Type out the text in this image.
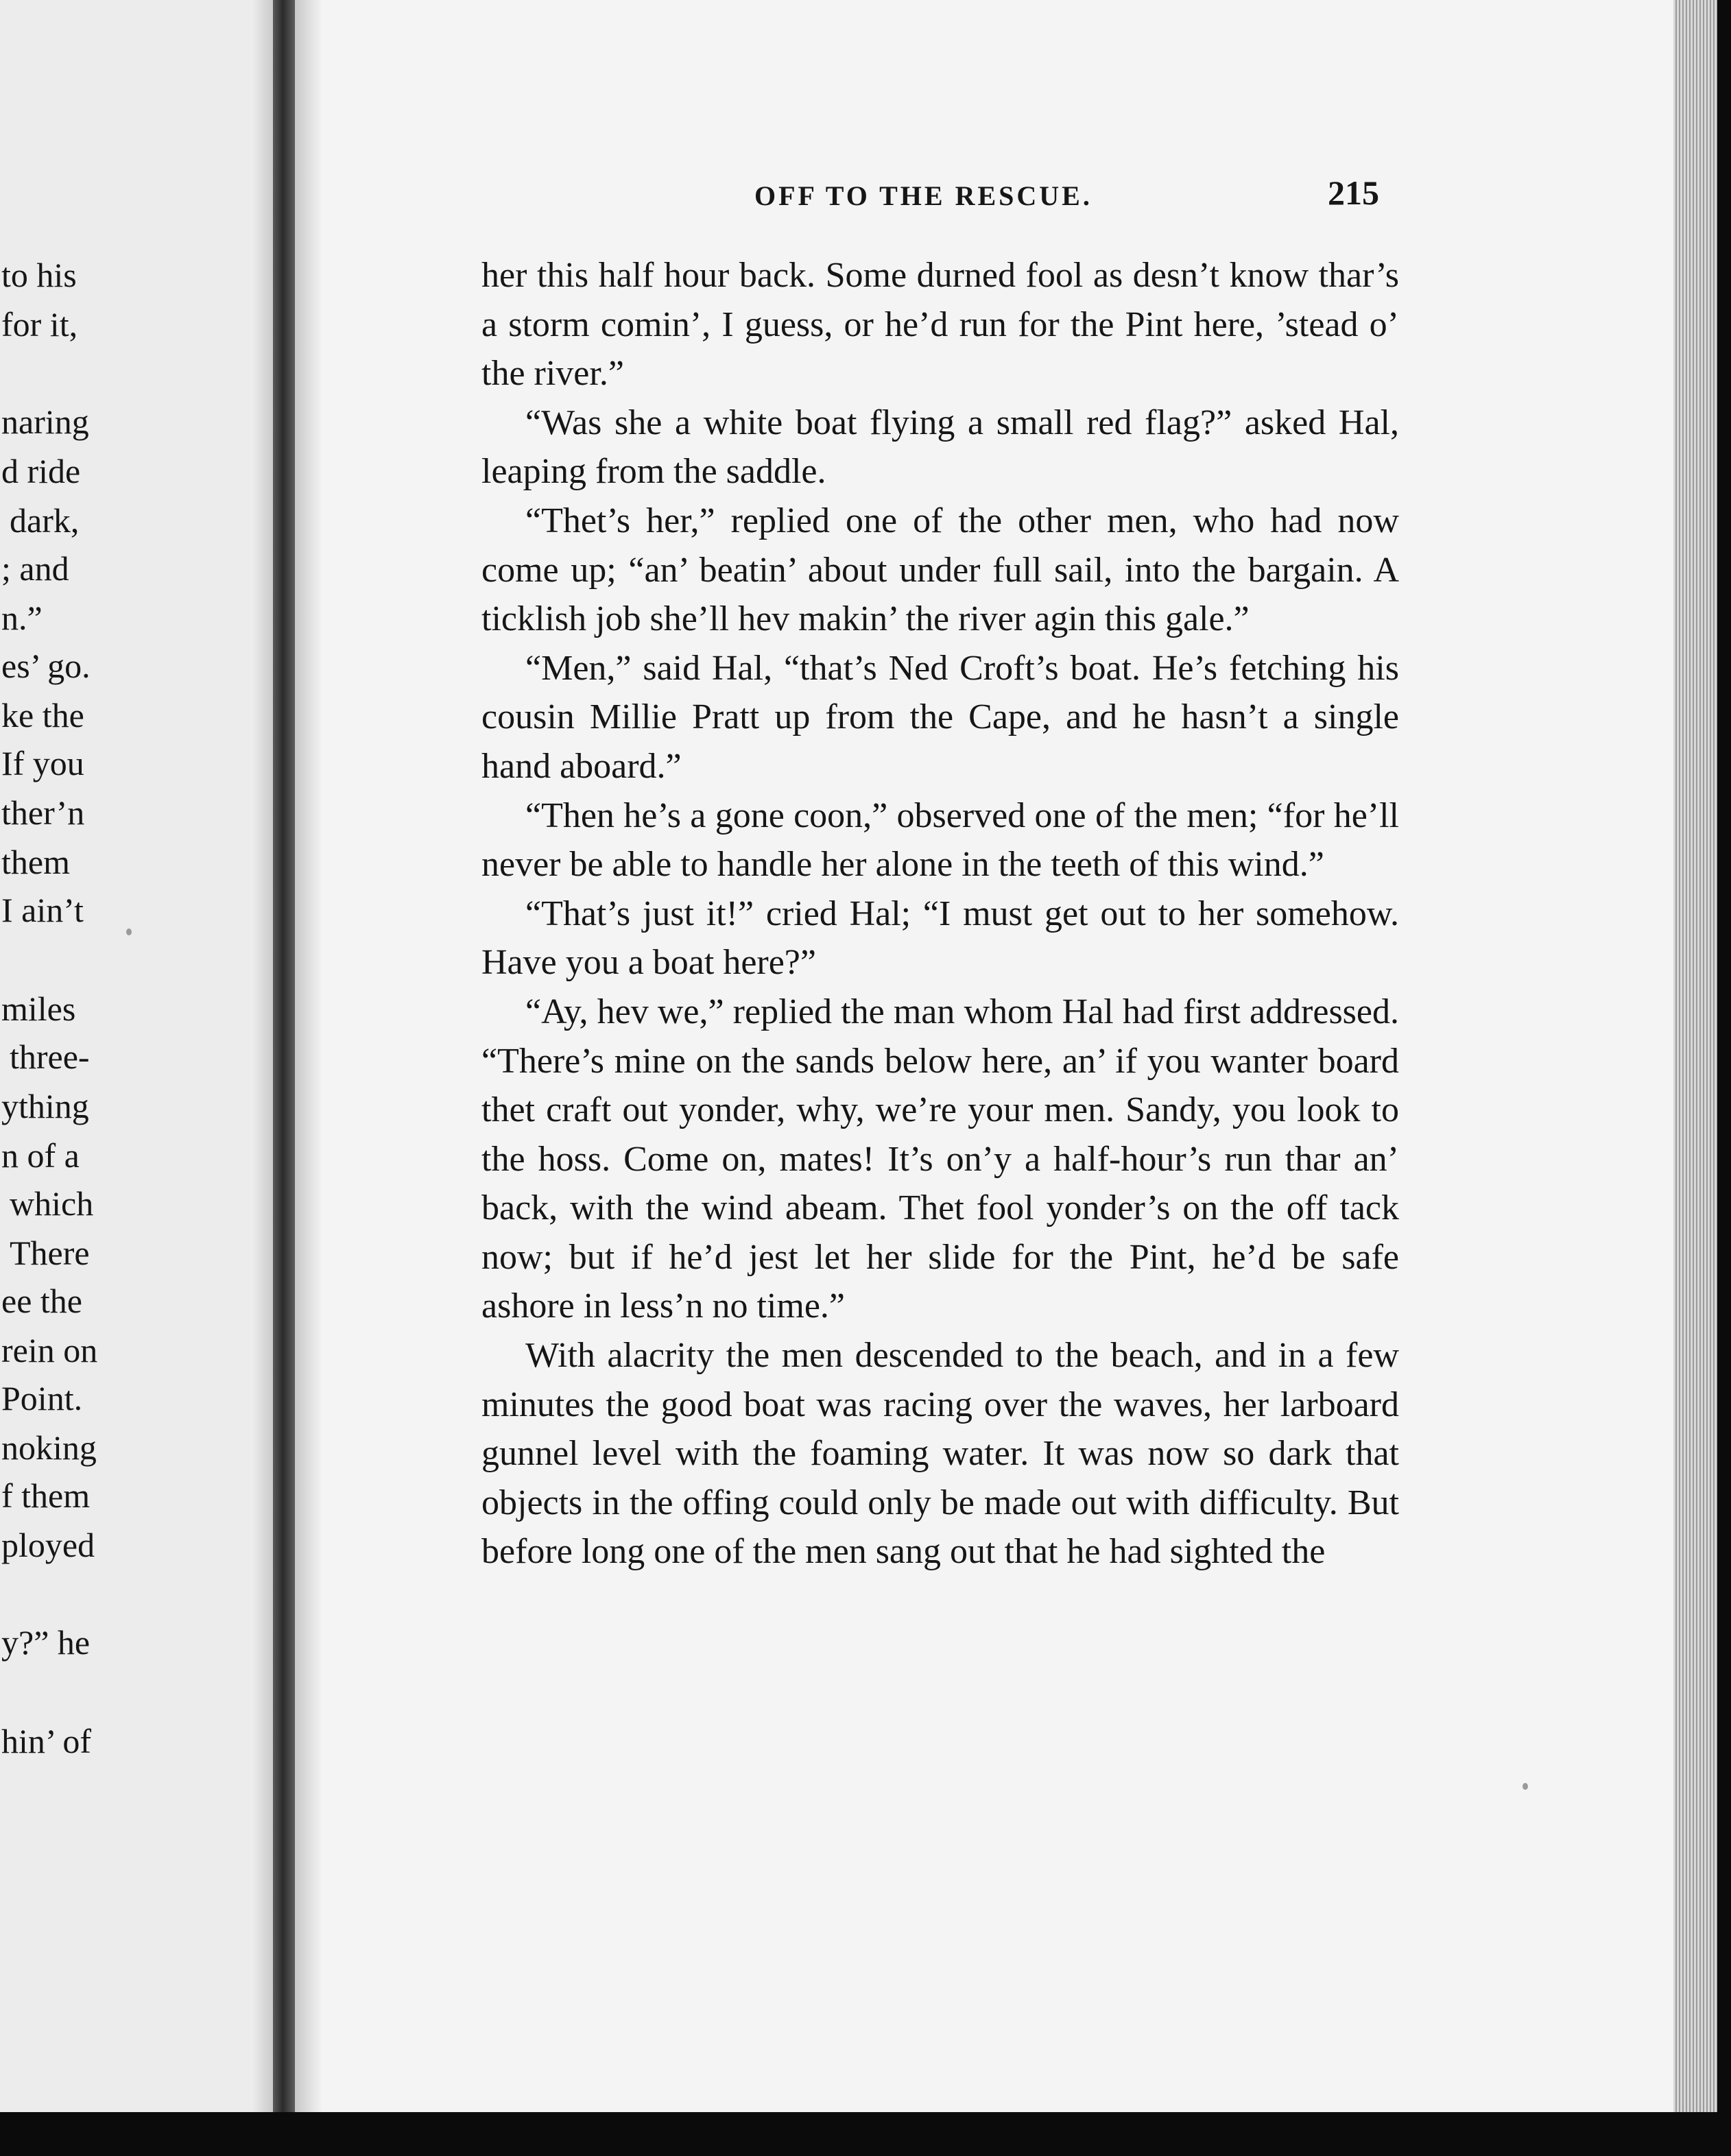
to his
for it,
naring
d ride
dark,
; and
n.”
es’ go.
ke the
If you
ther’n
them
I ain’t
miles
three-
ything
n of a
which
There
ee the
rein on
Point.
noking
f them
ployed
y?” he
hin’ of
OFF TO THE RESCUE.	215

her this half hour back. Some durned fool as desn’t know thar’s a storm comin’, I guess, or he’d run for the Pint here, ’stead o’ the river.”

“Was she a white boat flying a small red flag?” asked Hal, leaping from the saddle.

“Thet’s her,” replied one of the other men, who had now come up; “an’ beatin’ about under full sail, into the bargain. A ticklish job she’ll hev makin’ the river agin this gale.”

“Men,” said Hal, “that’s Ned Croft’s boat. He’s fetching his cousin Millie Pratt up from the Cape, and he hasn’t a single hand aboard.”

“Then he’s a gone coon,” observed one of the men; “for he’ll never be able to handle her alone in the teeth of this wind.”

“That’s just it!” cried Hal; “I must get out to her somehow. Have you a boat here?”

“Ay, hev we,” replied the man whom Hal had first addressed. “There’s mine on the sands below here, an’ if you wanter board thet craft out yonder, why, we’re your men. Sandy, you look to the hoss. Come on, mates! It’s on’y a half-hour’s run thar an’ back, with the wind abeam. Thet fool yonder’s on the off tack now; but if he’d jest let her slide for the Pint, he’d be safe ashore in less’n no time.”

With alacrity the men descended to the beach, and in a few minutes the good boat was racing over the waves, her larboard gunnel level with the foaming water. It was now so dark that objects in the offing could only be made out with difficulty. But before long one of the men sang out that he had sighted the
